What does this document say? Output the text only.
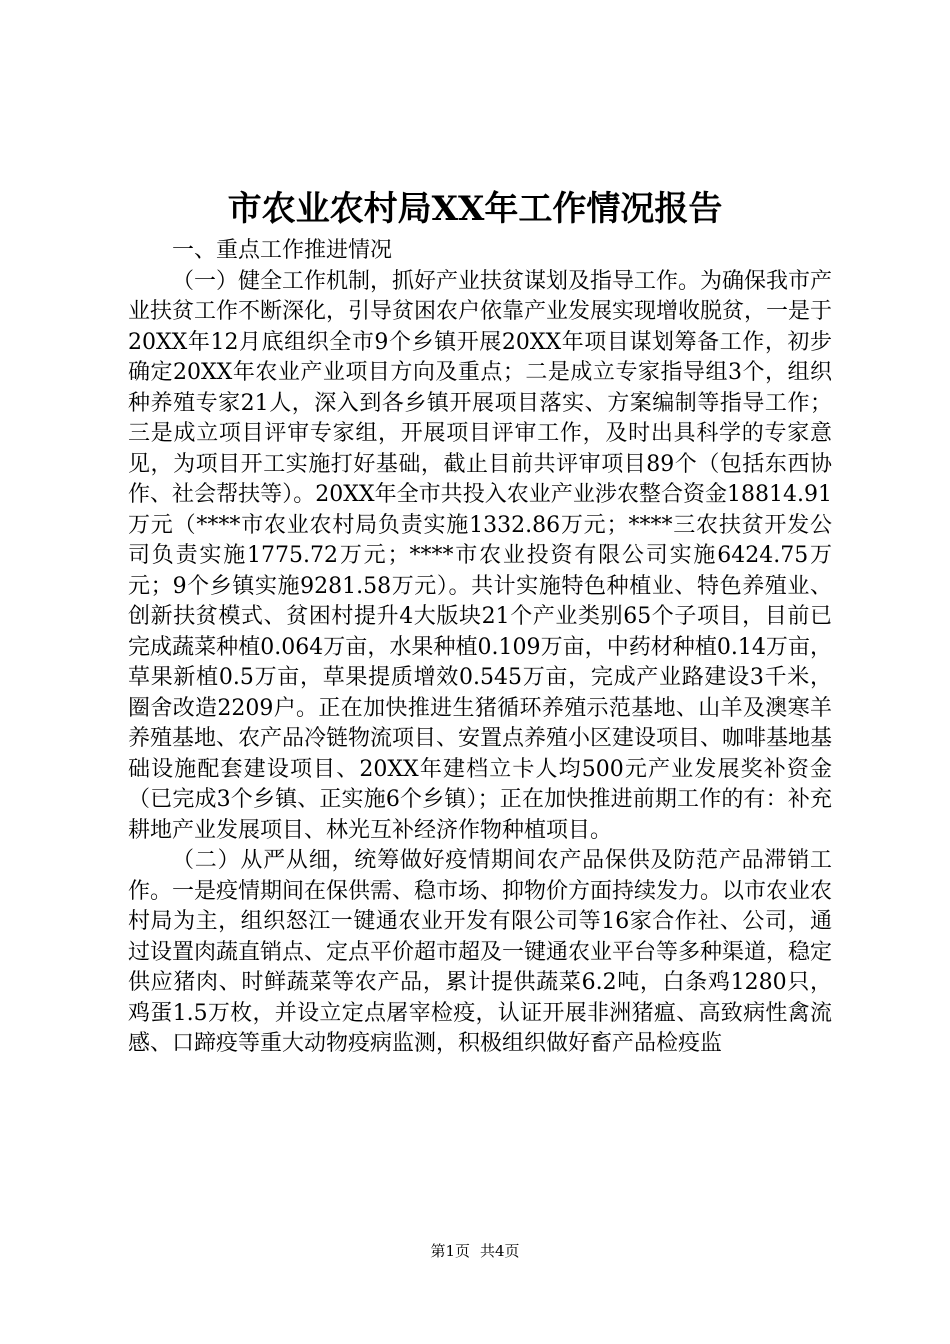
市农业农村局XX年工作情况报告

一、重点工作推进情况

（一）健全工作机制，抓好产业扶贫谋划及指导工作。为确保我市产业扶贫工作不断深化，引导贫困农户依靠产业发展实现增收脱贫，一是于20XX年12月底组织全市9个乡镇开展20XX年项目谋划筹备工作，初步确定20XX年农业产业项目方向及重点；二是成立专家指导组3个，组织种养殖专家21人，深入到各乡镇开展项目落实、方案编制等指导工作；三是成立项目评审专家组，开展项目评审工作，及时出具科学的专家意见，为项目开工实施打好基础，截止目前共评审项目89个（包括东西协作、社会帮扶等）。20XX年全市共投入农业产业涉农整合资金18814.91万元（****市农业农村局负责实施1332.86万元；****三农扶贫开发公司负责实施1775.72万元；****市农业投资有限公司实施6424.75万元；9个乡镇实施9281.58万元）。共计实施特色种植业、特色养殖业、创新扶贫模式、贫困村提升4大版块21个产业类别65个子项目，目前已完成蔬菜种植0.064万亩，水果种植0.109万亩，中药材种植0.14万亩，草果新植0.5万亩，草果提质增效0.545万亩，完成产业路建设3千米，圈舍改造2209户。正在加快推进生猪循环养殖示范基地、山羊及澳寒羊养殖基地、农产品冷链物流项目、安置点养殖小区建设项目、咖啡基地基础设施配套建设项目、20XX年建档立卡人均500元产业发展奖补资金（已完成3个乡镇、正实施6个乡镇）；正在加快推进前期工作的有：补充耕地产业发展项目、林光互补经济作物种植项目。

（二）从严从细，统筹做好疫情期间农产品保供及防范产品滞销工作。一是疫情期间在保供需、稳市场、抑物价方面持续发力。以市农业农村局为主，组织怒江一键通农业开发有限公司等16家合作社、公司，通过设置肉蔬直销点、定点平价超市超及一键通农业平台等多种渠道，稳定供应猪肉、时鲜蔬菜等农产品，累计提供蔬菜6.2吨，白条鸡1280只，鸡蛋1.5万枚，并设立定点屠宰检疫，认证开展非洲猪瘟、高致病性禽流感、口蹄疫等重大动物疫病监测，积极组织做好畜产品检疫监

第1页 共4页
